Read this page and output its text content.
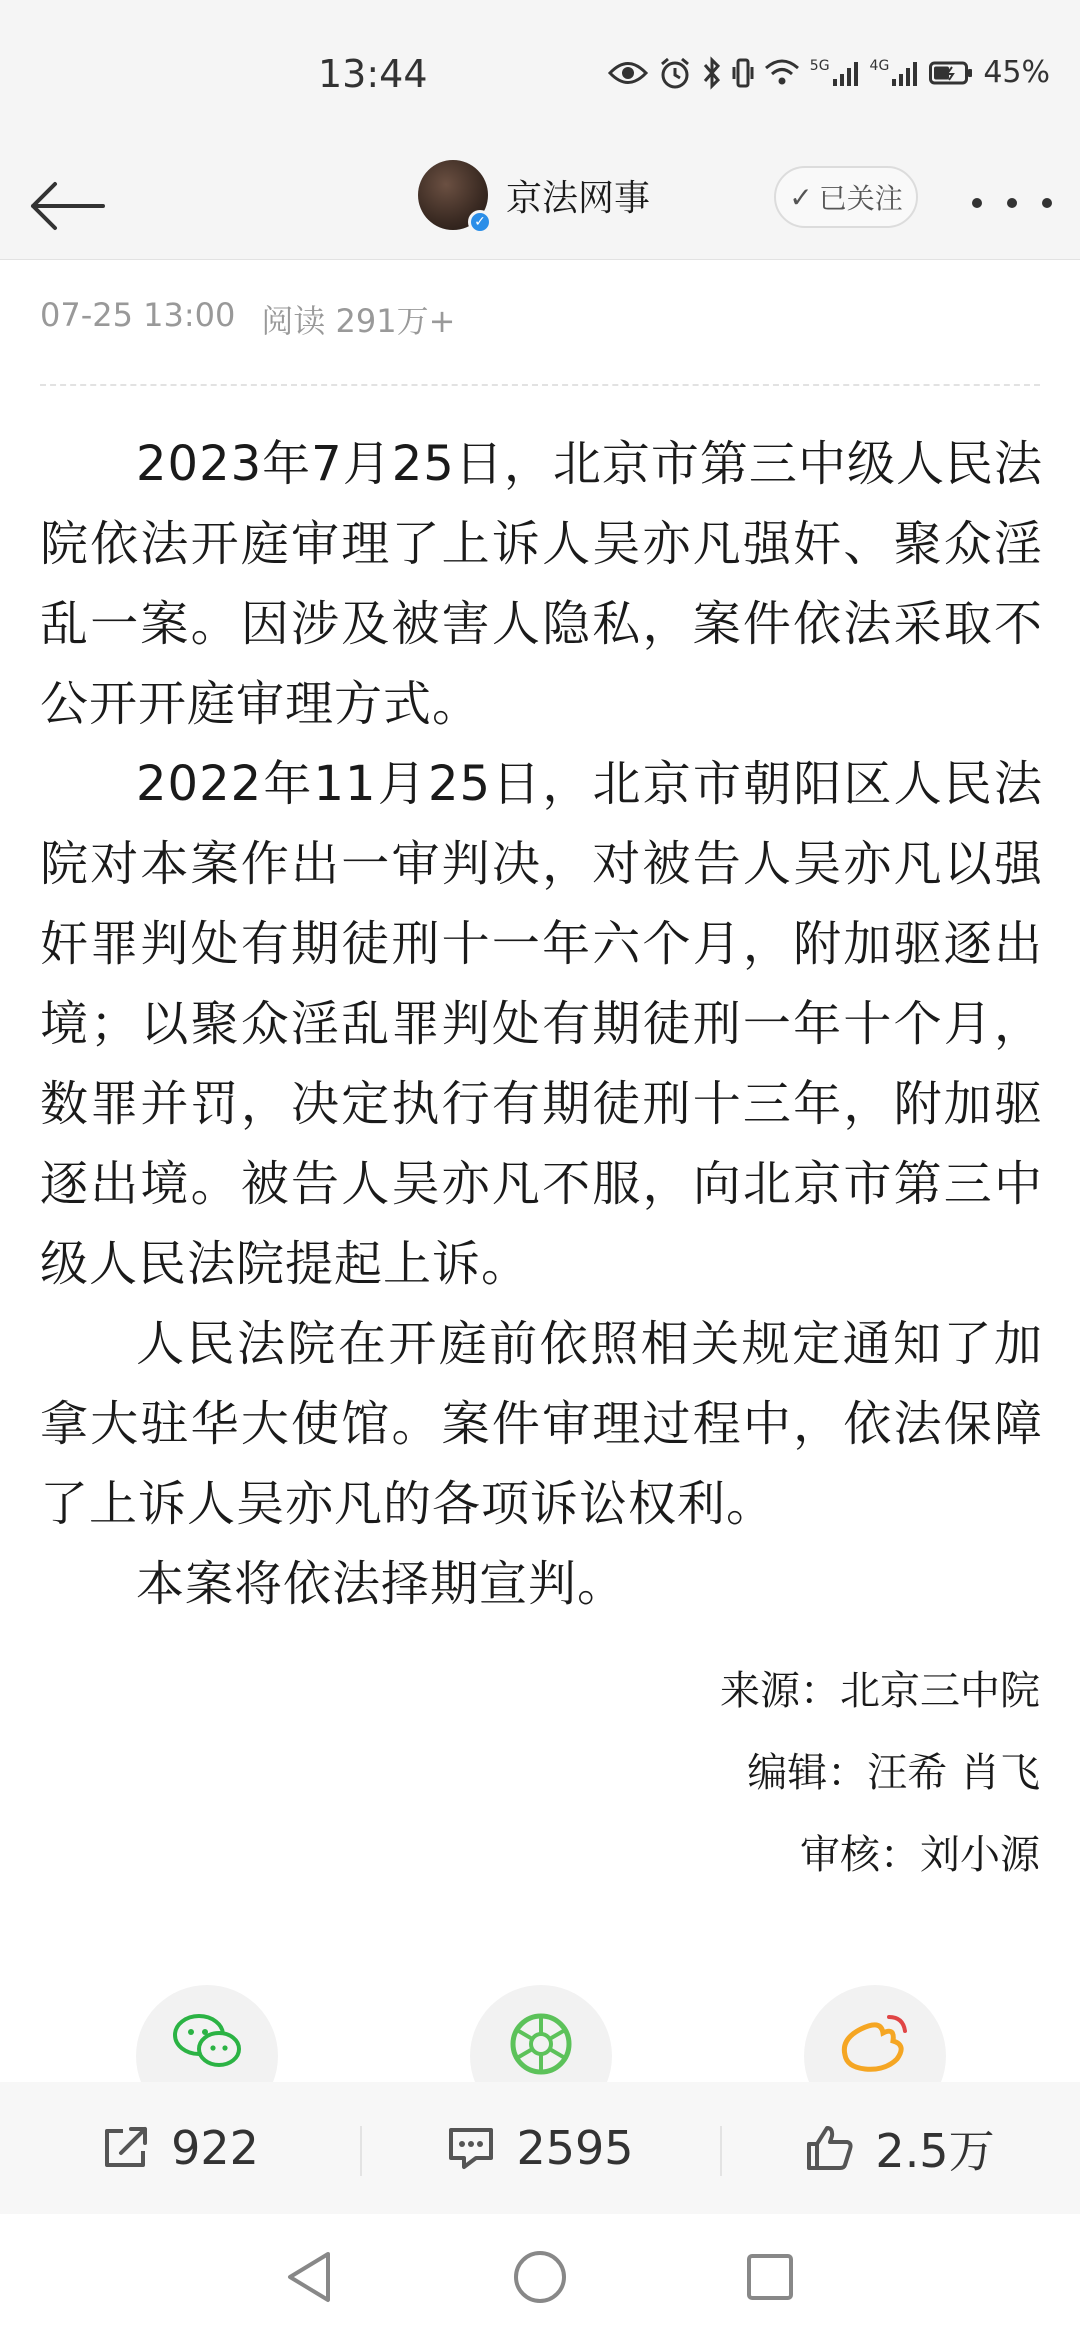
13:44	5G	4G	45%
✓
京法网事	✓ 已关注
07-25 13:00 阅读 291万+

2023年7月25日，北京市第三中级人民法院依法开庭审理了上诉人吴亦凡强奸、聚众淫乱一案。因涉及被害人隐私，案件依法采取不公开开庭审理方式。

2022年11月25日，北京市朝阳区人民法院对本案作出一审判决，对被告人吴亦凡以强奸罪判处有期徒刑十一年六个月，附加驱逐出境；以聚众淫乱罪判处有期徒刑一年十个月，数罪并罚，决定执行有期徒刑十三年，附加驱逐出境。被告人吴亦凡不服，向北京市第三中级人民法院提起上诉。

人民法院在开庭前依照相关规定通知了加拿大驻华大使馆。案件审理过程中，依法保障了上诉人吴亦凡的各项诉讼权利。

本案将依法择期宣判。

来源：北京三中院
编辑：汪希 肖飞
审核：刘小源
922	2595	2.5万
